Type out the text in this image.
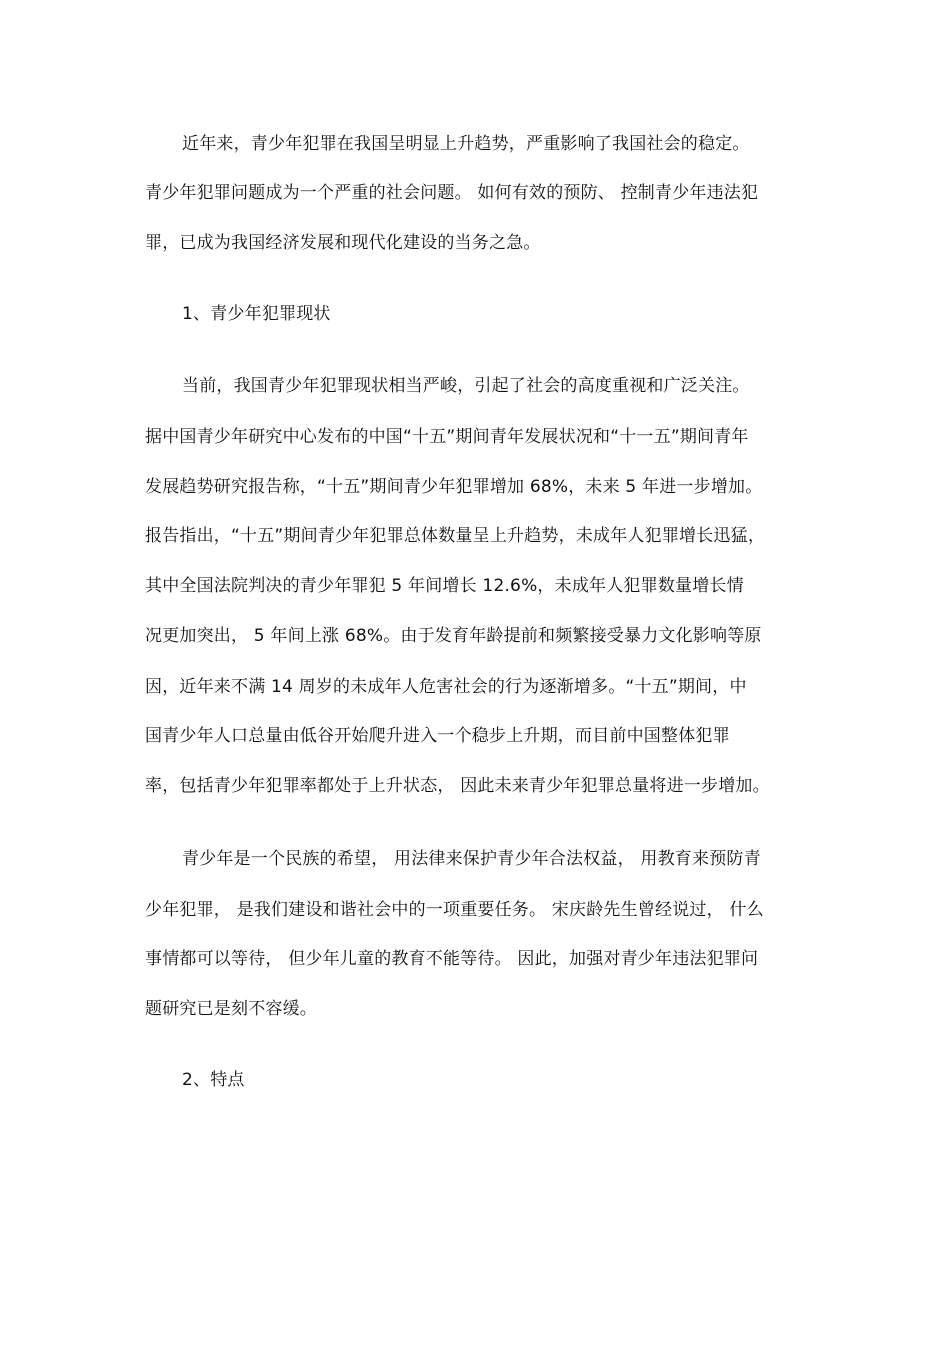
近年来，青少年犯罪在我国呈明显上升趋势，严重影响了我国社会的稳定。
青少年犯罪问题成为一个严重的社会问题。 如何有效的预防、 控制青少年违法犯
罪，已成为我国经济发展和现代化建设的当务之急。
1、青少年犯罪现状
当前，我国青少年犯罪现状相当严峻，引起了社会的高度重视和广泛关注。
据中国青少年研究中心发布的中国“十五”期间青年发展状况和“十一五”期间青年
发展趋势研究报告称，“十五”期间青少年犯罪增加 68%，未来 5 年进一步增加。
报告指出，“十五”期间青少年犯罪总体数量呈上升趋势，未成年人犯罪增长迅猛，
其中全国法院判决的青少年罪犯 5 年间增长 12.6%，未成年人犯罪数量增长情
况更加突出， 5 年间上涨 68%。由于发育年龄提前和频繁接受暴力文化影响等原
因，近年来不满 14 周岁的未成年人危害社会的行为逐渐增多。“十五”期间，中
国青少年人口总量由低谷开始爬升进入一个稳步上升期，而目前中国整体犯罪
率，包括青少年犯罪率都处于上升状态， 因此未来青少年犯罪总量将进一步增加。
青少年是一个民族的希望， 用法律来保护青少年合法权益， 用教育来预防青
少年犯罪， 是我们建设和谐社会中的一项重要任务。 宋庆龄先生曾经说过， 什么
事情都可以等待， 但少年儿童的教育不能等待。 因此，加强对青少年违法犯罪问
题研究已是刻不容缓。
2、特点
